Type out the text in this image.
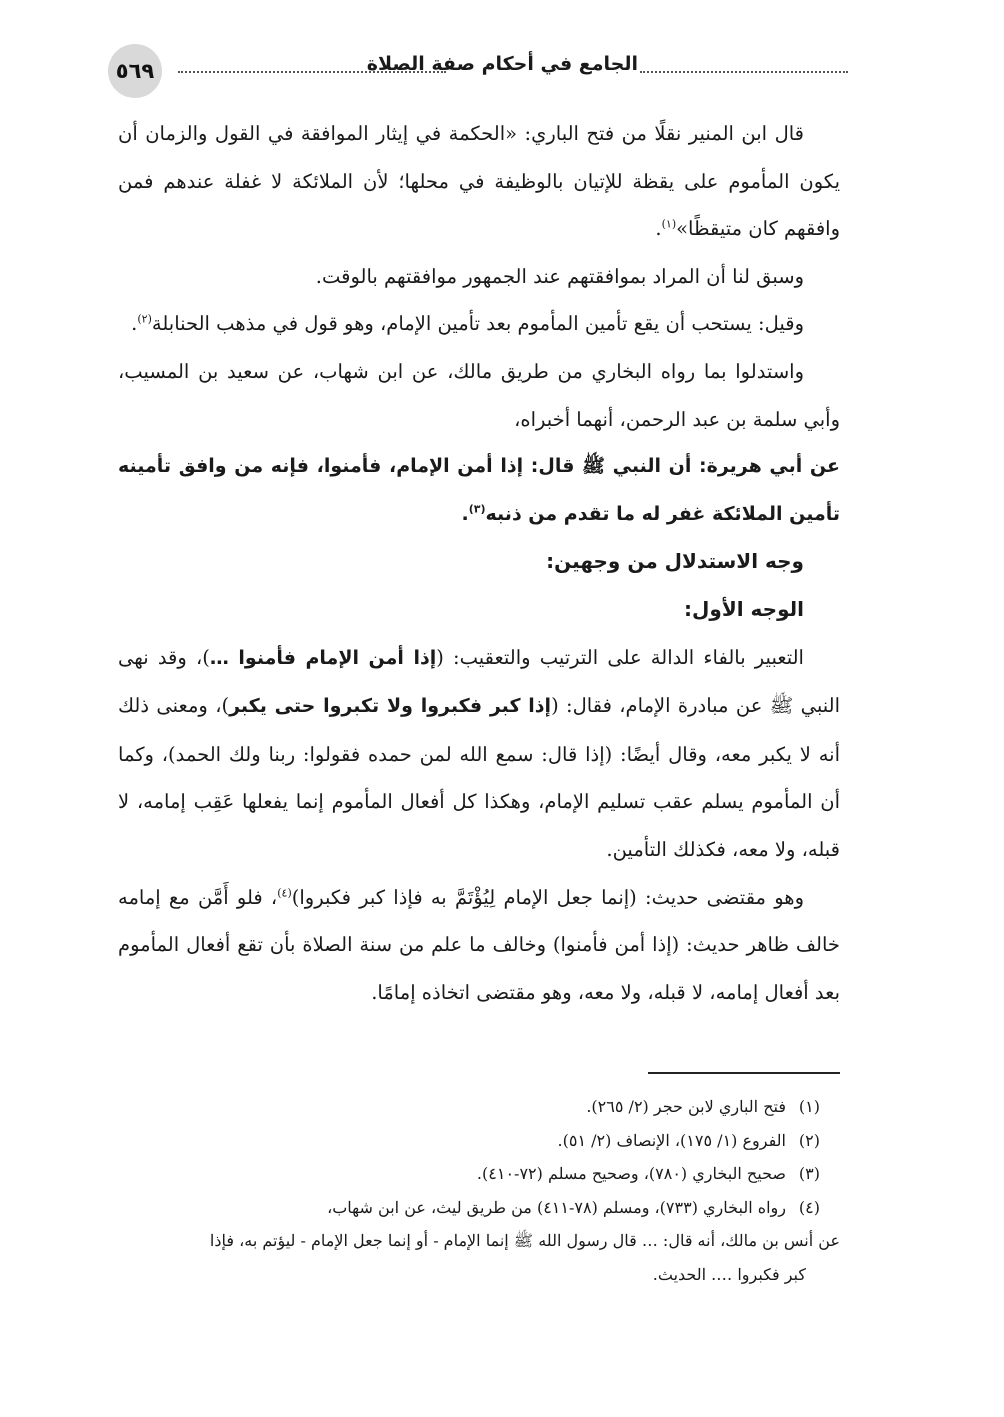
٥٦٩	الجامع في أحكام صفة الصلاة

قال ابن المنير نقلًا من فتح الباري: «الحكمة في إيثار الموافقة في القول والزمان أن يكون المأموم على يقظة للإتيان بالوظيفة في محلها؛ لأن الملائكة لا غفلة عندهم فمن وافقهم كان متيقظًا»$^{(١)}$.

وسبق لنا أن المراد بموافقتهم عند الجمهور موافقتهم بالوقت.

وقيل: يستحب أن يقع تأمين المأموم بعد تأمين الإمام، وهو قول في مذهب الحنابلة$^{(٢)}$.

واستدلوا بما رواه البخاري من طريق مالك، عن ابن شهاب، عن سعيد بن المسيب، وأبي سلمة بن عبد الرحمن، أنهما أخبراه،

عن أبي هريرة: أن النبي ﷺ قال: إذا أمن الإمام، فأمنوا، فإنه من وافق تأمينه تأمين الملائكة غفر له ما تقدم من ذنبه$^{(٣)}$.

وجه الاستدلال من وجهين:

الوجه الأول:

التعبير بالفاء الدالة على الترتيب والتعقيب: (إذا أمن الإمام فأمنوا …)، وقد نهى النبي ﷺ عن مبادرة الإمام، فقال: (إذا كبر فكبروا ولا تكبروا حتى يكبر)، ومعنى ذلك أنه لا يكبر معه، وقال أيضًا: (إذا قال: سمع الله لمن حمده فقولوا: ربنا ولك الحمد)، وكما أن المأموم يسلم عقب تسليم الإمام، وهكذا كل أفعال المأموم إنما يفعلها عَقِب إمامه، لا قبله، ولا معه، فكذلك التأمين.

وهو مقتضى حديث: (إنما جعل الإمام لِيُؤْتَمَّ به فإذا كبر فكبروا)$^{(٤)}$، فلو أَمَّن مع إمامه خالف ظاهر حديث: (إذا أمن فأمنوا) وخالف ما علم من سنة الصلاة بأن تقع أفعال المأموم بعد أفعال إمامه، لا قبله، ولا معه، وهو مقتضى اتخاذه إمامًا.

(١)فتح الباري لابن حجر (٢/ ٢٦٥).

(٢)الفروع (١/ ١٧٥)، الإنصاف (٢/ ٥١).

(٣)صحيح البخاري (٧٨٠)، وصحيح مسلم (٧٢-٤١٠).

(٤)رواه البخاري (٧٣٣)، ومسلم (٧٨-٤١١) من طريق ليث، عن ابن شهاب،

عن أنس بن مالك، أنه قال: … قال رسول الله ﷺ إنما الإمام - أو إنما جعل الإمام - ليؤتم به، فإذا

كبر فكبروا …. الحديث.
